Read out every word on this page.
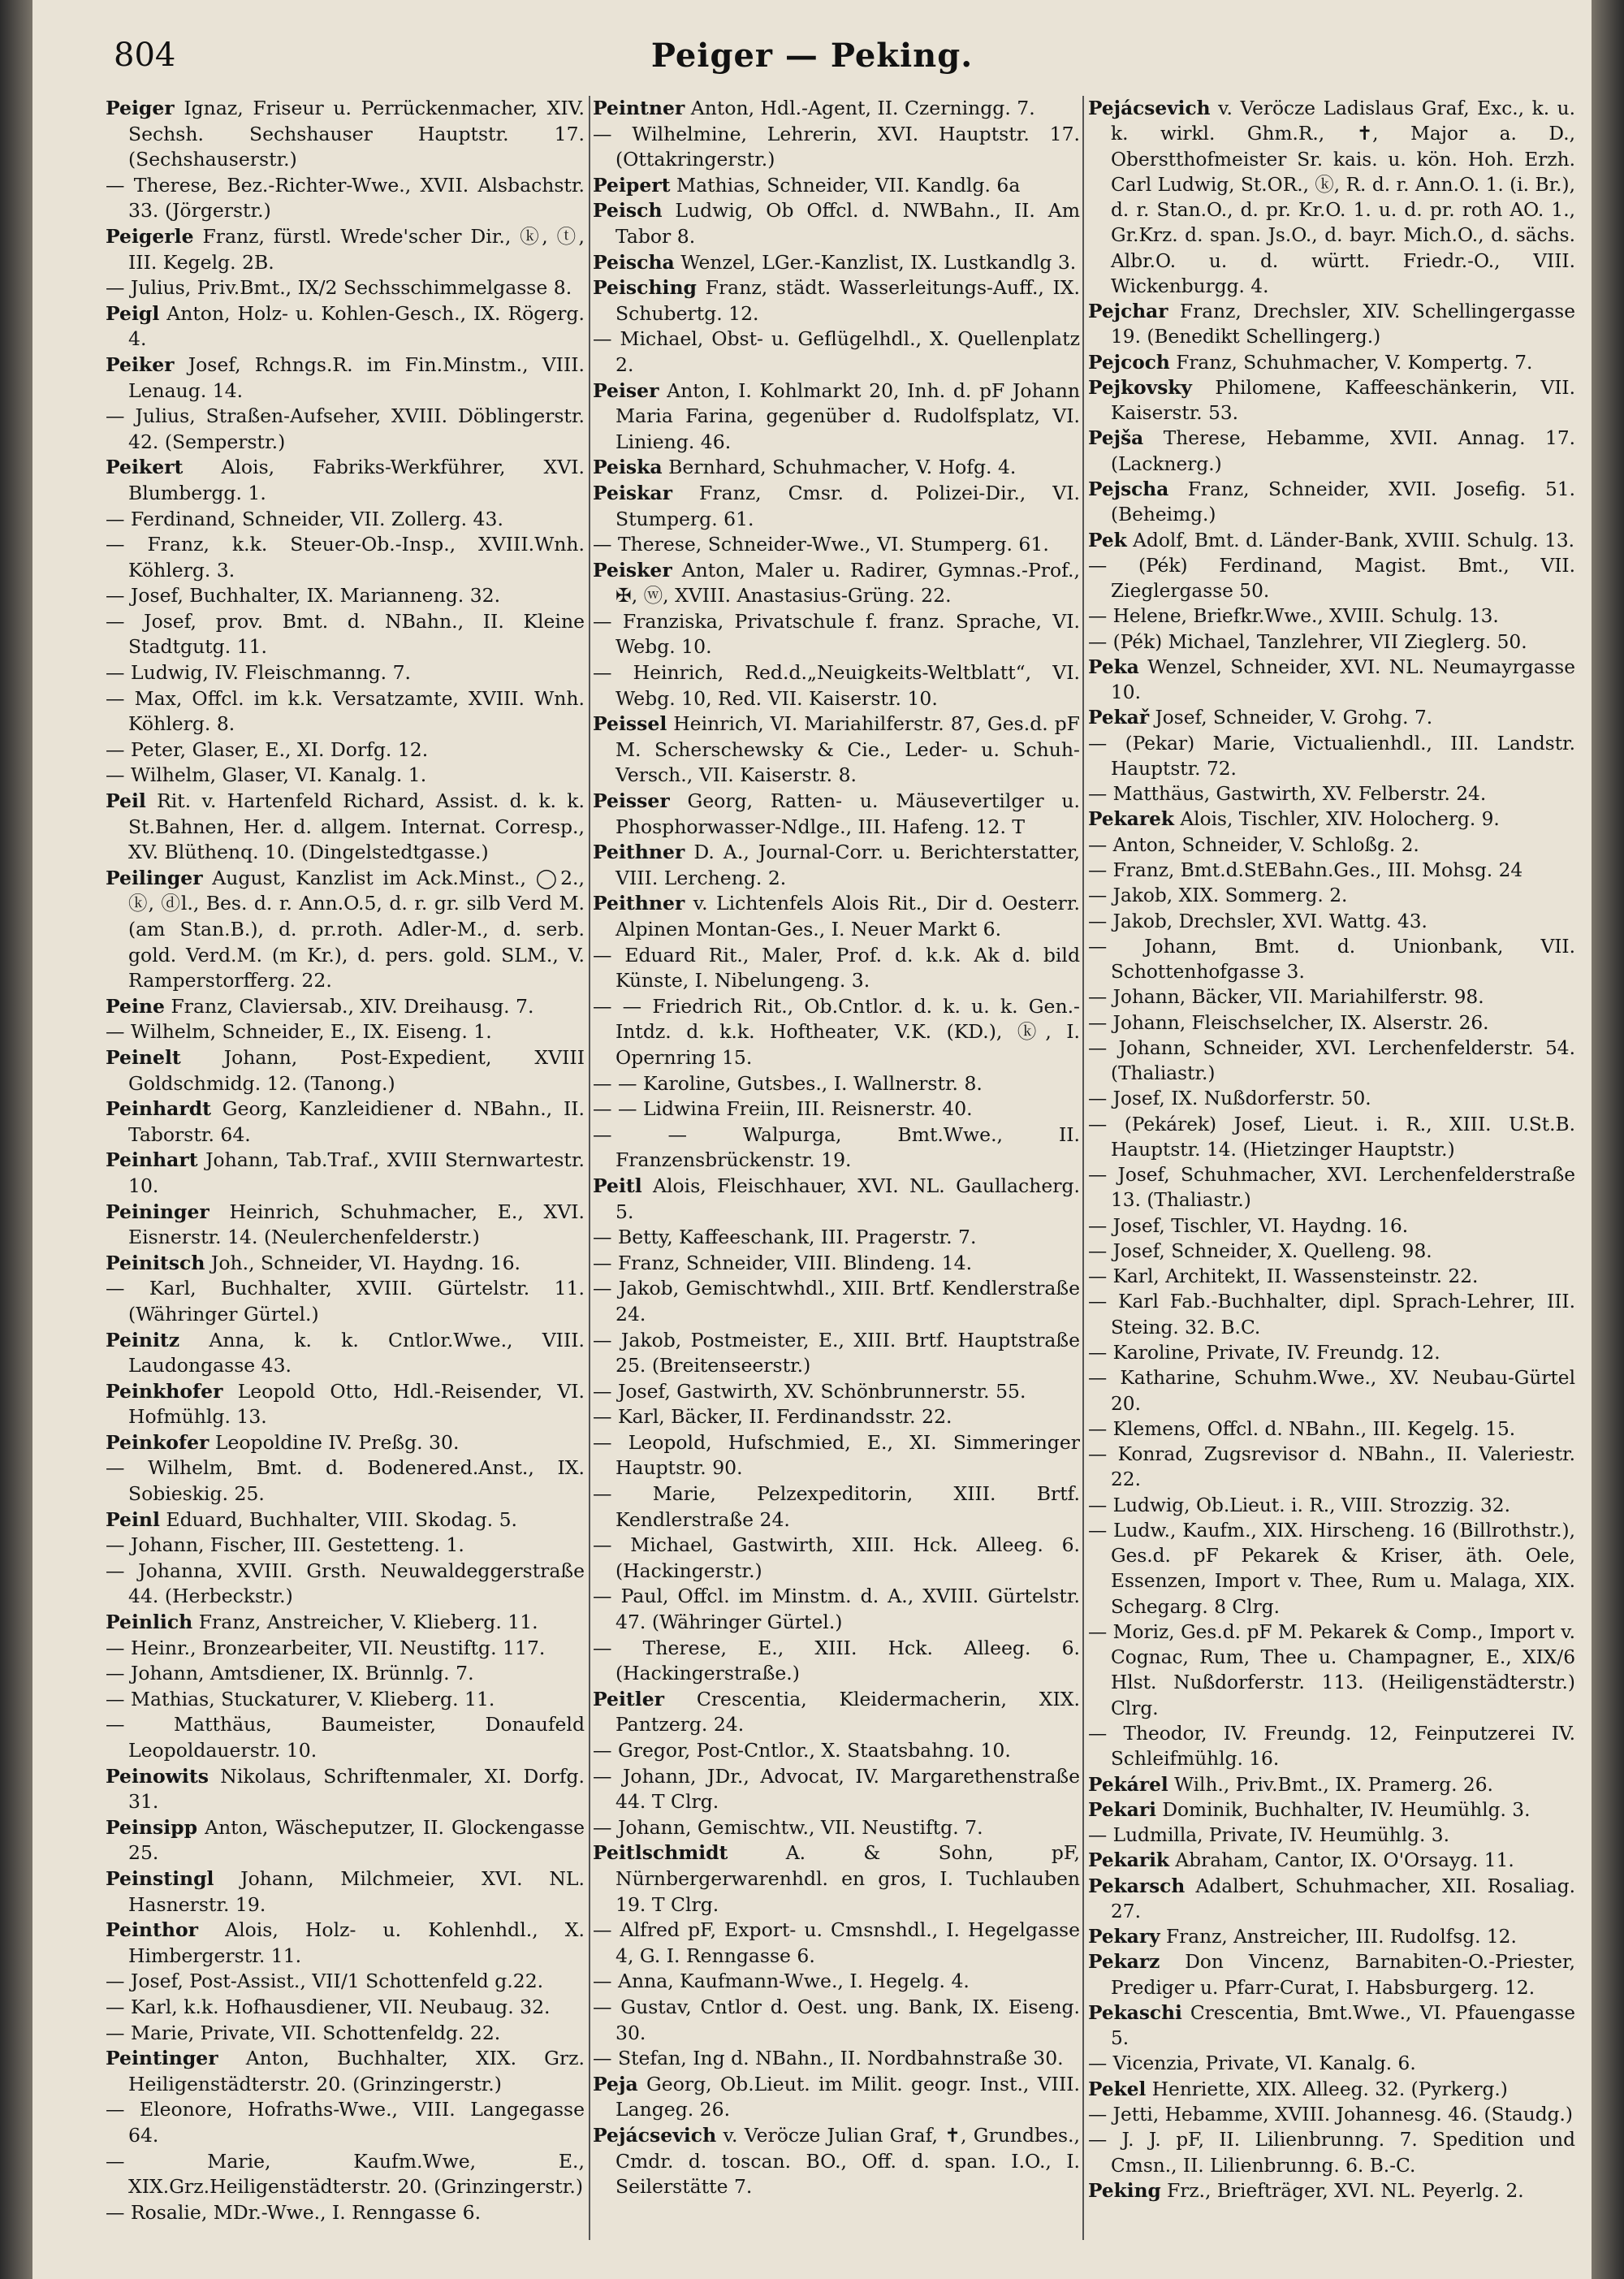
804	Peiger — Peking.

Peiger Ignaz, Friseur u. Perrückenmacher, XIV. Sechsh. Sechshauser Hauptstr. 17. (Sechshauserstr.)

— Therese, Bez.-Richter-Wwe., XVII. Alsbachstr. 33. (Jörgerstr.)

Peigerle Franz, fürstl. Wrede'scher Dir., ⓚ, ⓣ, III. Kegelg. 2B.

— Julius, Priv.Bmt., IX/2 Sechsschimmelgasse 8.

Peigl Anton, Holz- u. Kohlen-Gesch., IX. Rögerg. 4.

Peiker Josef, Rchngs.R. im Fin.Minstm., VIII. Lenaug. 14.

— Julius, Straßen-Aufseher, XVIII. Döblingerstr. 42. (Semperstr.)

Peikert Alois, Fabriks-Werkführer, XVI. Blumbergg. 1.

— Ferdinand, Schneider, VII. Zollerg. 43.

— Franz, k.k. Steuer-Ob.-Insp., XVIII.Wnh. Köhlerg. 3.

— Josef, Buchhalter, IX. Marianneng. 32.

— Josef, prov. Bmt. d. NBahn., II. Kleine Stadtgutg. 11.

— Ludwig, IV. Fleischmanng. 7.

— Max, Offcl. im k.k. Versatzamte, XVIII. Wnh. Köhlerg. 8.

— Peter, Glaser, E., XI. Dorfg. 12.

— Wilhelm, Glaser, VI. Kanalg. 1.

Peil Rit. v. Hartenfeld Richard, Assist. d. k. k. St.Bahnen, Her. d. allgem. Internat. Corresp., XV. Blüthenq. 10. (Dingelstedtgasse.)

Peilinger August, Kanzlist im Ack.Minst., ◯2., ⓚ, ⓓl., Bes. d. r. Ann.O.5, d. r. gr. silb Verd M. (am Stan.B.), d. pr.roth. Adler-M., d. serb. gold. Verd.M. (m Kr.), d. pers. gold. SLM., V. Ramperstorfferg. 22.

Peine Franz, Claviersab., XIV. Dreihausg. 7.

— Wilhelm, Schneider, E., IX. Eiseng. 1.

Peinelt Johann, Post-Expedient, XVIII Goldschmidg. 12. (Tanong.)

Peinhardt Georg, Kanzleidiener d. NBahn., II. Taborstr. 64.

Peinhart Johann, Tab.Traf., XVIII Sternwartestr. 10.

Peininger Heinrich, Schuhmacher, E., XVI. Eisnerstr. 14. (Neulerchenfelderstr.)

Peinitsch Joh., Schneider, VI. Haydng. 16.

— Karl, Buchhalter, XVIII. Gürtelstr. 11. (Währinger Gürtel.)

Peinitz Anna, k. k. Cntlor.Wwe., VIII. Laudongasse 43.

Peinkhofer Leopold Otto, Hdl.-Reisender, VI. Hofmühlg. 13.

Peinkofer Leopoldine IV. Preßg. 30.

— Wilhelm, Bmt. d. Bodenered.Anst., IX. Sobieskig. 25.

Peinl Eduard, Buchhalter, VIII. Skodag. 5.

— Johann, Fischer, III. Gestetteng. 1.

— Johanna, XVIII. Grsth. Neuwaldeggerstraße 44. (Herbeckstr.)

Peinlich Franz, Anstreicher, V. Klieberg. 11.

— Heinr., Bronzearbeiter, VII. Neustiftg. 117.

— Johann, Amtsdiener, IX. Brünnlg. 7.

— Mathias, Stuckaturer, V. Klieberg. 11.

— Matthäus, Baumeister, Donaufeld Leopoldauerstr. 10.

Peinowits Nikolaus, Schriftenmaler, XI. Dorfg. 31.

Peinsipp Anton, Wäscheputzer, II. Glockengasse 25.

Peinstingl Johann, Milchmeier, XVI. NL. Hasnerstr. 19.

Peinthor Alois, Holz- u. Kohlenhdl., X. Himbergerstr. 11.

— Josef, Post-Assist., VII/1 Schottenfeld g.22.

— Karl, k.k. Hofhausdiener, VII. Neubaug. 32.

— Marie, Private, VII. Schottenfeldg. 22.

Peintinger Anton, Buchhalter, XIX. Grz. Heiligenstädterstr. 20. (Grinzingerstr.)

— Eleonore, Hofraths-Wwe., VIII. Langegasse 64.

— Marie, Kaufm.Wwe, E., XIX.Grz.Heiligenstädterstr. 20. (Grinzingerstr.)

— Rosalie, MDr.-Wwe., I. Renngasse 6.

Peintner Anton, Hdl.-Agent, II. Czerningg. 7.

— Wilhelmine, Lehrerin, XVI. Hauptstr. 17. (Ottakringerstr.)

Peipert Mathias, Schneider, VII. Kandlg. 6a

Peisch Ludwig, Ob Offcl. d. NWBahn., II. Am Tabor 8.

Peischa Wenzel, LGer.-Kanzlist, IX. Lustkandlg 3.

Peisching Franz, städt. Wasserleitungs-Auff., IX. Schubertg. 12.

— Michael, Obst- u. Geflügelhdl., X. Quellenplatz 2.

Peiser Anton, I. Kohlmarkt 20, Inh. d. pF Johann Maria Farina, gegenüber d. Rudolfsplatz, VI. Linieng. 46.

Peiska Bernhard, Schuhmacher, V. Hofg. 4.

Peiskar Franz, Cmsr. d. Polizei-Dir., VI. Stumperg. 61.

— Therese, Schneider-Wwe., VI. Stumperg. 61.

Peisker Anton, Maler u. Radirer, Gymnas.-Prof., ✠, ⓦ, XVIII. Anastasius-Grüng. 22.

— Franziska, Privatschule f. franz. Sprache, VI. Webg. 10.

— Heinrich, Red.d.„Neuigkeits-Weltblatt“, VI. Webg. 10, Red. VII. Kaiserstr. 10.

Peissel Heinrich, VI. Mariahilferstr. 87, Ges.d. pF M. Scherschewsky & Cie., Leder- u. Schuh-Versch., VII. Kaiserstr. 8.

Peisser Georg, Ratten- u. Mäusevertilger u. Phosphorwasser-Ndlge., III. Hafeng. 12. T

Peithner D. A., Journal-Corr. u. Berichterstatter, VIII. Lercheng. 2.

Peithner v. Lichtenfels Alois Rit., Dir d. Oesterr. Alpinen Montan-Ges., I. Neuer Markt 6.

— Eduard Rit., Maler, Prof. d. k.k. Ak d. bild Künste, I. Nibelungeng. 3.

— — Friedrich Rit., Ob.Cntlor. d. k. u. k. Gen.-Intdz. d. k.k. Hoftheater, V.K. (KD.), ⓚ, I. Opernring 15.

— — Karoline, Gutsbes., I. Wallnerstr. 8.

— — Lidwina Freiin, III. Reisnerstr. 40.

— — Walpurga, Bmt.Wwe., II. Franzensbrückenstr. 19.

Peitl Alois, Fleischhauer, XVI. NL. Gaullacherg. 5.

— Betty, Kaffeeschank, III. Pragerstr. 7.

— Franz, Schneider, VIII. Blindeng. 14.

— Jakob, Gemischtwhdl., XIII. Brtf. Kendlerstraße 24.

— Jakob, Postmeister, E., XIII. Brtf. Hauptstraße 25. (Breitenseerstr.)

— Josef, Gastwirth, XV. Schönbrunnerstr. 55.

— Karl, Bäcker, II. Ferdinandsstr. 22.

— Leopold, Hufschmied, E., XI. Simmeringer Hauptstr. 90.

— Marie, Pelzexpeditorin, XIII. Brtf. Kendlerstraße 24.

— Michael, Gastwirth, XIII. Hck. Alleeg. 6. (Hackingerstr.)

— Paul, Offcl. im Minstm. d. A., XVIII. Gürtelstr. 47. (Währinger Gürtel.)

— Therese, E., XIII. Hck. Alleeg. 6. (Hackingerstraße.)

Peitler Crescentia, Kleidermacherin, XIX. Pantzerg. 24.

— Gregor, Post-Cntlor., X. Staatsbahng. 10.

— Johann, JDr., Advocat, IV. Margarethenstraße 44. T Clrg.

— Johann, Gemischtw., VII. Neustiftg. 7.

Peitlschmidt	A. & Sohn, pF, Nürnbergerwarenhdl. en gros, I. Tuchlauben 19. T Clrg.

— Alfred pF, Export- u. Cmsnshdl., I. Hegelgasse 4, G. I. Renngasse 6.

— Anna, Kaufmann-Wwe., I. Hegelg. 4.

— Gustav, Cntlor d. Oest. ung. Bank, IX. Eiseng. 30.

— Stefan, Ing d. NBahn., II. Nordbahnstraße 30.

Peja Georg, Ob.Lieut. im Milit. geogr. Inst., VIII. Langeg. 26.

Pejácsevich v. Veröcze Julian Graf, ✝, Grundbes., Cmdr. d. toscan. BO., Off. d. span. I.O., I. Seilerstätte 7.

Pejácsevich v. Veröcze Ladislaus Graf, Exc., k. u. k. wirkl. Ghm.R., ✝, Major a. D., Oberstthofmeister Sr. kais. u. kön. Hoh. Erzh. Carl Ludwig, St.OR., ⓚ, R. d. r. Ann.O. 1. (i. Br.), d. r. Stan.O., d. pr. Kr.O. 1. u. d. pr. roth AO. 1., Gr.Krz. d. span. Js.O., d. bayr. Mich.O., d. sächs. Albr.O. u. d. württ. Friedr.-O., VIII. Wickenburgg. 4.

Pejchar Franz, Drechsler, XIV. Schellingergasse 19. (Benedikt Schellingerg.)

Pejcoch Franz, Schuhmacher, V. Kompertg. 7.

Pejkovsky Philomene, Kaffeeschänkerin, VII. Kaiserstr. 53.

Pejša Therese, Hebamme, XVII. Annag. 17. (Lacknerg.)

Pejscha Franz, Schneider, XVII. Josefig. 51. (Beheimg.)

Pek Adolf, Bmt. d. Länder-Bank, XVIII. Schulg. 13.

— (Pék) Ferdinand, Magist. Bmt., VII. Zieglergasse 50.

— Helene, Briefkr.Wwe., XVIII. Schulg. 13.

— (Pék) Michael, Tanzlehrer, VII Zieglerg. 50.

Peka Wenzel, Schneider, XVI. NL. Neumayrgasse 10.

Pekař Josef, Schneider, V. Grohg. 7.

— (Pekar) Marie, Victualienhdl., III. Landstr. Hauptstr. 72.

— Matthäus, Gastwirth, XV. Felberstr. 24.

Pekarek Alois, Tischler, XIV. Holocherg. 9.

— Anton, Schneider, V. Schloßg. 2.

— Franz, Bmt.d.StEBahn.Ges., III. Mohsg. 24

— Jakob, XIX. Sommerg. 2.

— Jakob, Drechsler, XVI. Wattg. 43.

— Johann, Bmt. d. Unionbank, VII. Schottenhofgasse 3.

— Johann, Bäcker, VII. Mariahilferstr. 98.

— Johann, Fleischselcher, IX. Alserstr. 26.

— Johann, Schneider, XVI. Lerchenfelderstr. 54. (Thaliastr.)

— Josef, IX. Nußdorferstr. 50.

— (Pekárek) Josef, Lieut. i. R., XIII. U.St.B. Hauptstr. 14. (Hietzinger Hauptstr.)

— Josef, Schuhmacher, XVI. Lerchenfelderstraße 13. (Thaliastr.)

— Josef, Tischler, VI. Haydng. 16.

— Josef, Schneider, X. Quelleng. 98.

— Karl, Architekt, II. Wassensteinstr. 22.

— Karl Fab.-Buchhalter, dipl. Sprach-Lehrer, III. Steing. 32. B.C.

— Karoline, Private, IV. Freundg. 12.

— Katharine, Schuhm.Wwe., XV. Neubau-Gürtel 20.

— Klemens, Offcl. d. NBahn., III. Kegelg. 15.

— Konrad, Zugsrevisor d. NBahn., II. Valeriestr. 22.

— Ludwig, Ob.Lieut. i. R., VIII. Strozzig. 32.

— Ludw., Kaufm., XIX. Hirscheng. 16 (Billrothstr.), Ges.d. pF Pekarek & Kriser, äth. Oele, Essenzen, Import v. Thee, Rum u. Malaga, XIX. Schegarg. 8 Clrg.

— Moriz, Ges.d. pF M. Pekarek & Comp., Import v. Cognac, Rum, Thee u. Champagner, E., XIX/6 Hlst. Nußdorferstr. 113. (Heiligenstädterstr.) Clrg.

— Theodor, IV. Freundg. 12, Feinputzerei IV. Schleifmühlg. 16.

Pekárel Wilh., Priv.Bmt., IX. Pramerg. 26.

Pekari Dominik, Buchhalter, IV. Heumühlg. 3.

— Ludmilla, Private, IV. Heumühlg. 3.

Pekarik Abraham, Cantor, IX. O'Orsayg. 11.

Pekarsch Adalbert, Schuhmacher, XII. Rosaliag. 27.

Pekary Franz, Anstreicher, III. Rudolfsg. 12.

Pekarz Don Vincenz, Barnabiten-O.-Priester, Prediger u. Pfarr-Curat, I. Habsburgerg. 12.

Pekaschi Crescentia, Bmt.Wwe., VI. Pfauengasse 5.

— Vicenzia, Private, VI. Kanalg. 6.

Pekel Henriette, XIX. Alleeg. 32. (Pyrkerg.)

— Jetti, Hebamme, XVIII. Johannesg. 46. (Staudg.)

— J. J. pF, II. Lilienbrunng. 7. Spedition und Cmsn., II. Lilienbrunng. 6. B.-C.

Peking Frz., Briefträger, XVI. NL. Peyerlg. 2.
